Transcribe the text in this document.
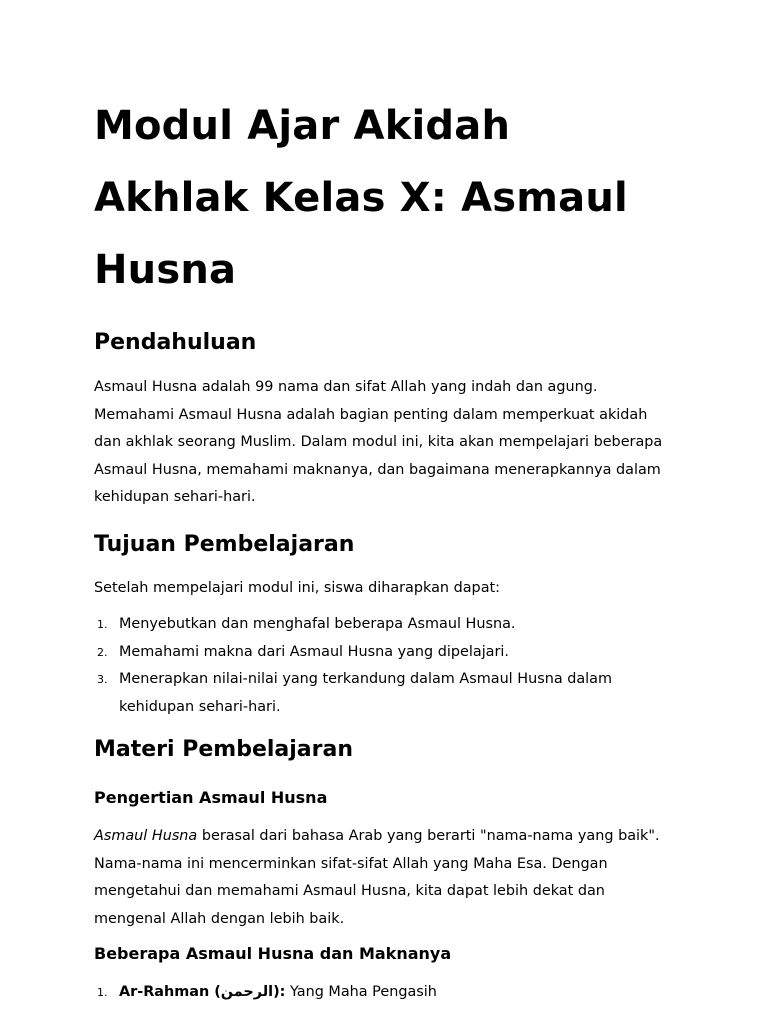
Modul Ajar Akidah Akhlak Kelas X: Asmaul Husna
Pendahuluan

Asmaul Husna adalah 99 nama dan sifat Allah yang indah dan agung. Memahami Asmaul Husna adalah bagian penting dalam memperkuat akidah dan akhlak seorang Muslim. Dalam modul ini, kita akan mempelajari beberapa Asmaul Husna, memahami maknanya, dan bagaimana menerapkannya dalam kehidupan sehari-hari.

Tujuan Pembelajaran

Setelah mempelajari modul ini, siswa diharapkan dapat:

1. Menyebutkan dan menghafal beberapa Asmaul Husna.
2. Memahami makna dari Asmaul Husna yang dipelajari.
3. Menerapkan nilai-nilai yang terkandung dalam Asmaul Husna dalam kehidupan sehari-hari.
Materi Pembelajaran
Pengertian Asmaul Husna

Asmaul Husna berasal dari bahasa Arab yang berarti "nama-nama yang baik". Nama-nama ini mencerminkan sifat-sifat Allah yang Maha Esa. Dengan mengetahui dan memahami Asmaul Husna, kita dapat lebih dekat dan mengenal Allah dengan lebih baik.

Beberapa Asmaul Husna dan Maknanya
1. Ar-Rahman (الرحمن): Yang Maha Pengasih
